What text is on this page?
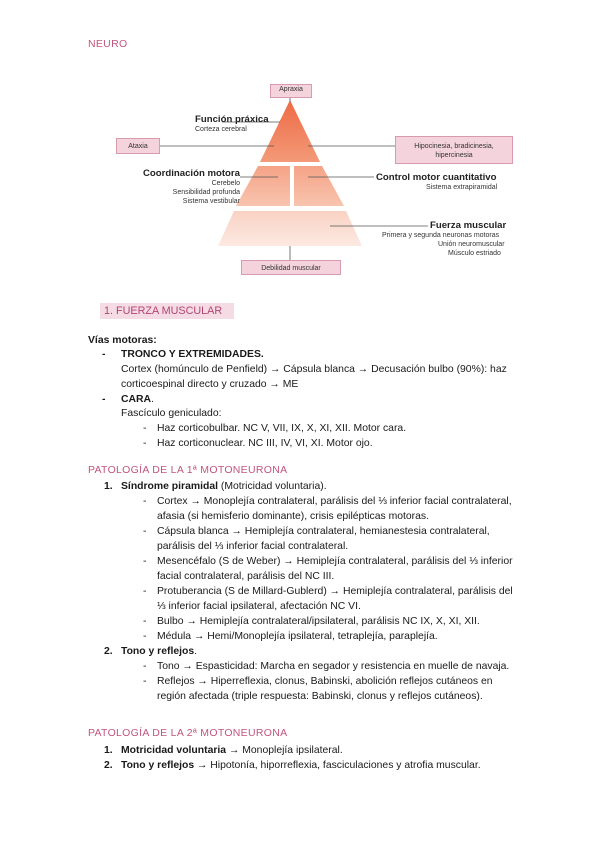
NEURO
Apraxia
Ataxia	Hipocinesia, bradicinesia,
hipercinesia
Debilidad muscular
Función práxica
Corteza cerebral
Coordinación motora
Cerebelo
Sensibilidad profunda
Sistema vestibular
Control motor cuantitativo
Sistema extrapiramidal
Fuerza muscular
Primera y segunda neuronas motoras
Unión neuromuscular
Músculo estriado
1. FUERZA MUSCULAR
Vías motoras:
- TRONCO Y EXTREMIDADES.
Cortex (homúnculo de Penfield) → Cápsula blanca → Decusación bulbo (90%): haz
corticoespinal directo y cruzado → ME
- CARA.
Fascículo geniculado:
- Haz corticobulbar. NC V, VII, IX, X, XI, XII. Motor cara.
- Haz corticonuclear. NC III, IV, VI, XI. Motor ojo.
PATOLOGÍA DE LA 1ª MOTONEURONA
1. Síndrome piramidal (Motricidad voluntaria).
- Cortex → Monoplejía contralateral, parálisis del ⅓ inferior facial contralateral,
afasia (si hemisferio dominante), crisis epilépticas motoras.
- Cápsula blanca → Hemiplejía contralateral, hemianestesia contralateral,
parálisis del ⅓ inferior facial contralateral.
- Mesencéfalo (S de Weber) → Hemiplejía contralateral, parálisis del ⅓ inferior
facial contralateral, parálisis del NC III.
- Protuberancia (S de Millard-Gublerd) → Hemiplejía contralateral, parálisis del
⅓ inferior facial ipsilateral, afectación NC VI.
- Bulbo → Hemiplejía contralateral/ipsilateral, parálisis NC IX, X, XI, XII.
- Médula → Hemi/Monoplejía ipsilateral, tetraplejía, paraplejía.
2. Tono y reflejos.
- Tono → Espasticidad: Marcha en segador y resistencia en muelle de navaja.
- Reflejos → Hiperreflexia, clonus, Babinski, abolición reflejos cutáneos en
región afectada (triple respuesta: Babinski, clonus y reflejos cutáneos).
PATOLOGÍA DE LA 2ª MOTONEURONA
1. Motricidad voluntaria → Monoplejía ipsilateral.
2. Tono y reflejos → Hipotonía, hiporreflexia, fasciculaciones y atrofia muscular.
